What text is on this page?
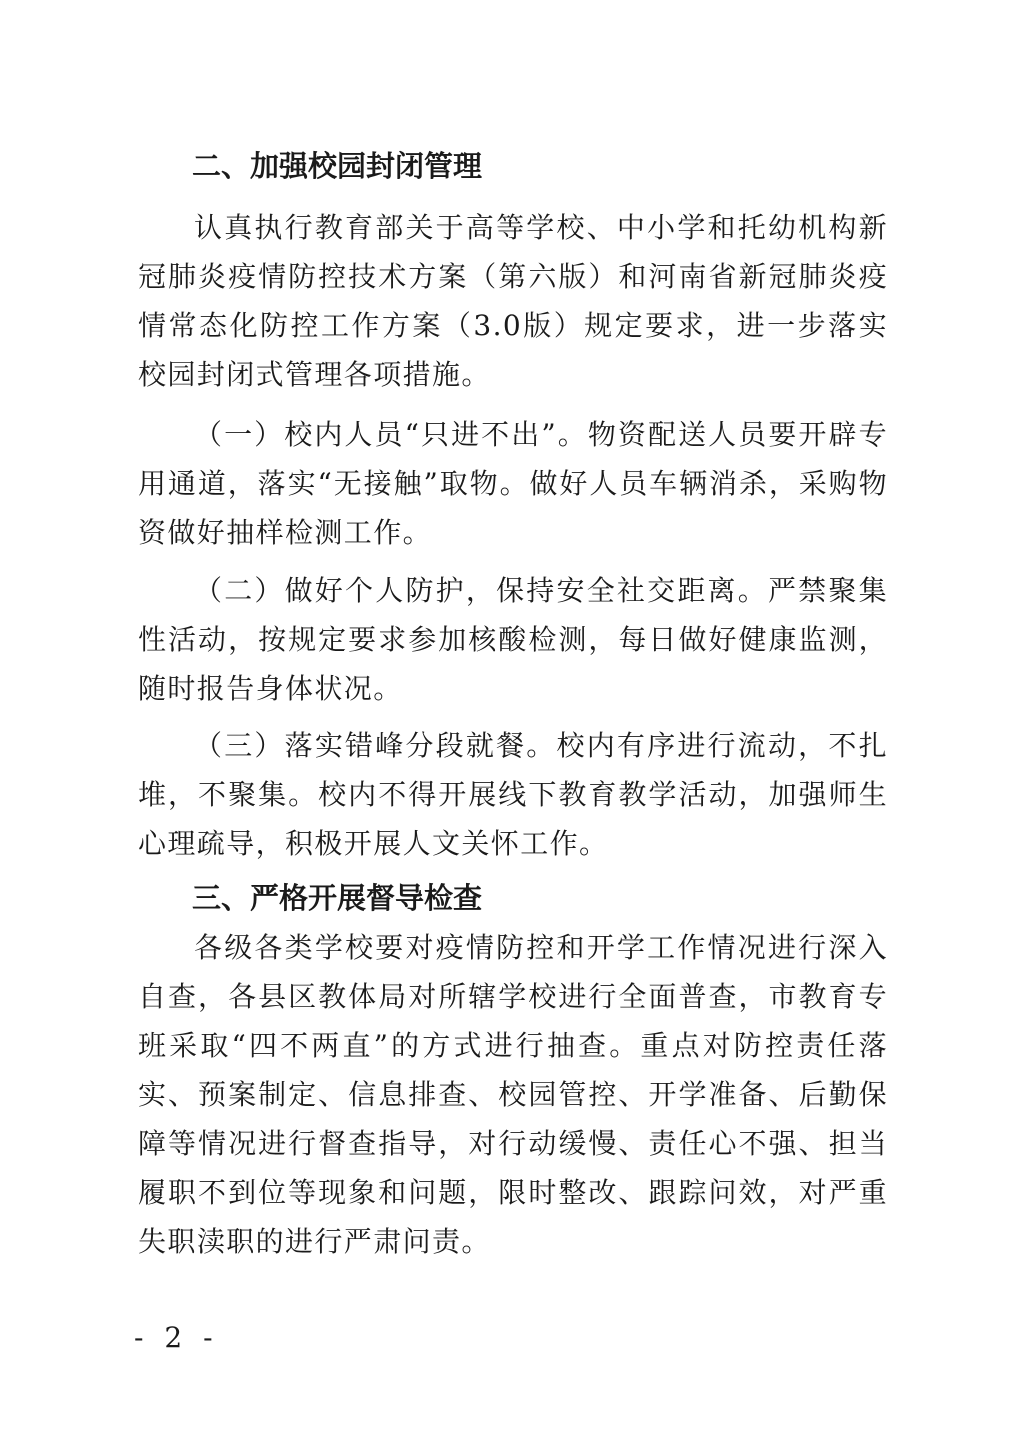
二、加强校园封闭管理

认真执行教育部关于高等学校、中小学和托幼机构新冠肺炎疫情防控技术方案（第六版）和河南省新冠肺炎疫情常态化防控工作方案（3.0版）规定要求，进一步落实校园封闭式管理各项措施。

（一）校内人员“只进不出”。物资配送人员要开辟专用通道，落实“无接触”取物。做好人员车辆消杀，采购物资做好抽样检测工作。

（二）做好个人防护，保持安全社交距离。严禁聚集性活动，按规定要求参加核酸检测，每日做好健康监测，随时报告身体状况。

（三）落实错峰分段就餐。校内有序进行流动，不扎堆，不聚集。校内不得开展线下教育教学活动，加强师生心理疏导，积极开展人文关怀工作。

三、严格开展督导检查

各级各类学校要对疫情防控和开学工作情况进行深入自查，各县区教体局对所辖学校进行全面普查，市教育专班采取“四不两直”的方式进行抽查。重点对防控责任落实、预案制定、信息排查、校园管控、开学准备、后勤保障等情况进行督查指导，对行动缓慢、责任心不强、担当履职不到位等现象和问题，限时整改、跟踪问效，对严重失职渎职的进行严肃问责。

- 2 -
